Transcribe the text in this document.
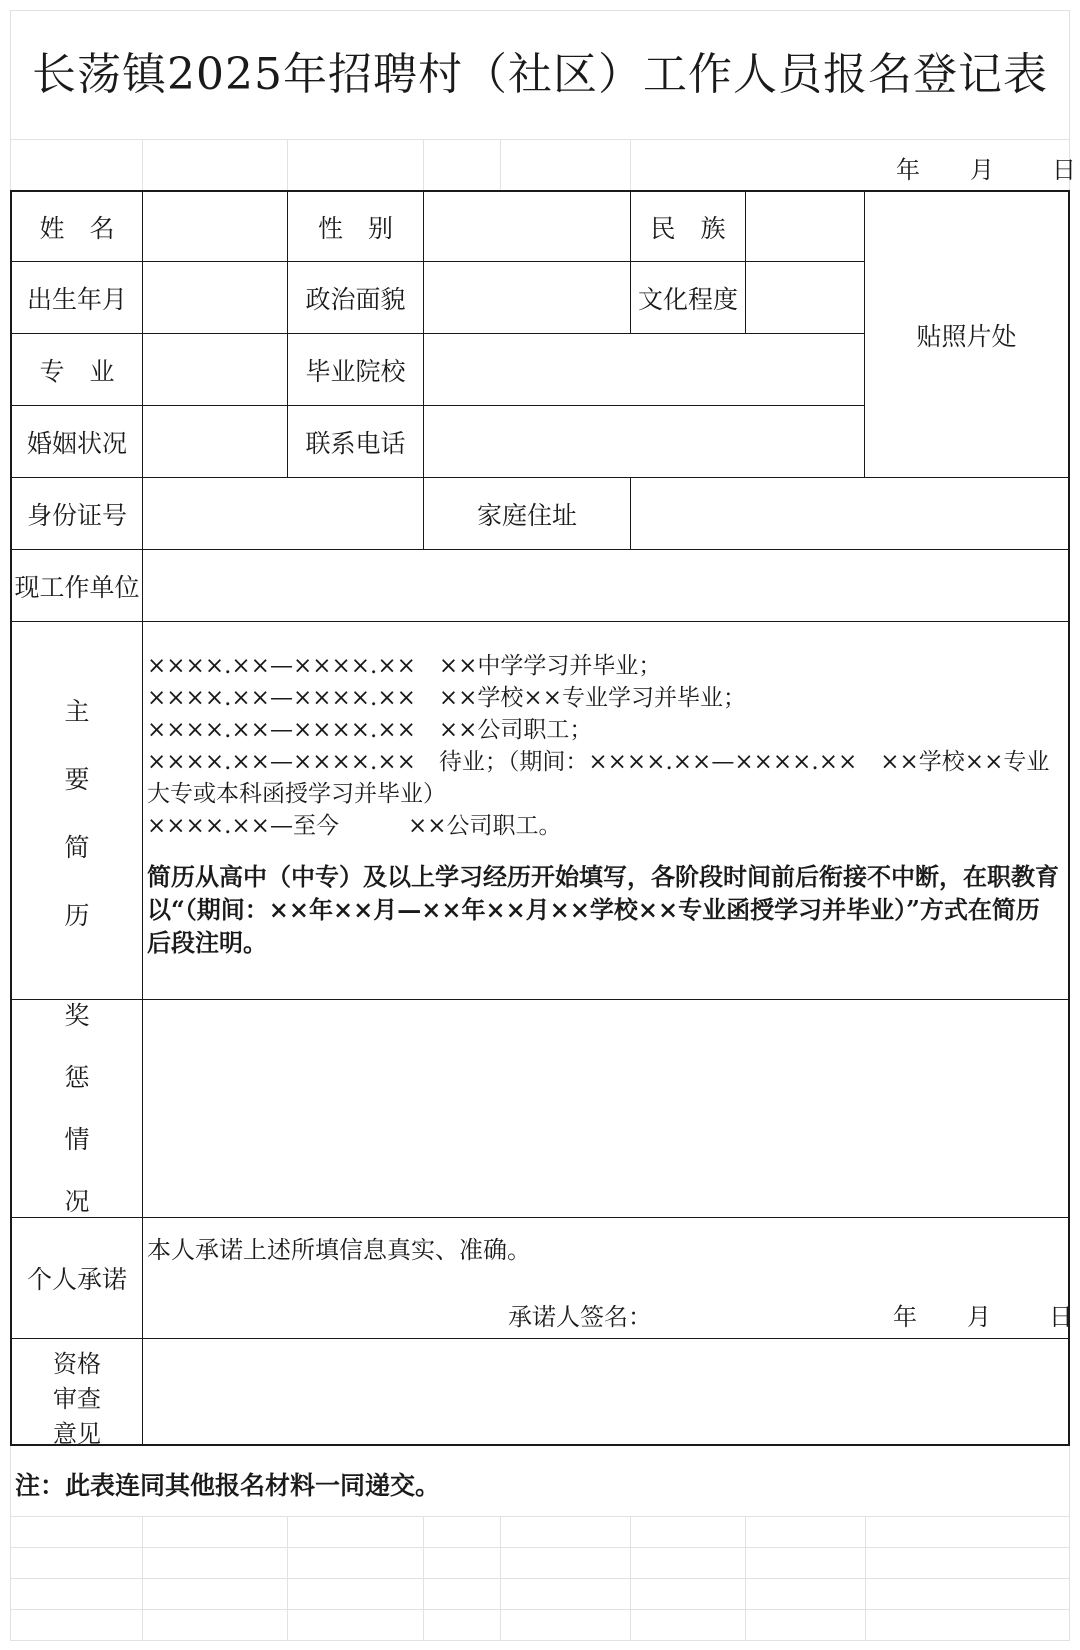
长荡镇2025年招聘村（社区）工作人员报名登记表
年 月 日
姓　名	性　别	民　族
出生年月	政治面貌	文化程度
贴照片处
专　业	毕业院校
婚姻状况	联系电话
身份证号	家庭住址
现工作单位
主
要
简
历
××××.××—××××.××　××中学学习并毕业；
××××.××—××××.××　××学校××专业学习并毕业；
××××.××—××××.××　××公司职工；
××××.××—××××.××　待业；（期间：××××.××—××××.××　××学校××专业大专或本科函授学习并毕业）
××××.××—至今　　　××公司职工。
简历从高中（中专）及以上学习经历开始填写，各阶段时间前后衔接不中断，在职教育以“（期间：××年××月—××年××月××学校××专业函授学习并毕业）”方式在简历后段注明。
奖
惩
情
况
个人承诺
本人承诺上述所填信息真实、准确。
承诺人签名：	年 月 日
资格
审查
意见
注：此表连同其他报名材料一同递交。
